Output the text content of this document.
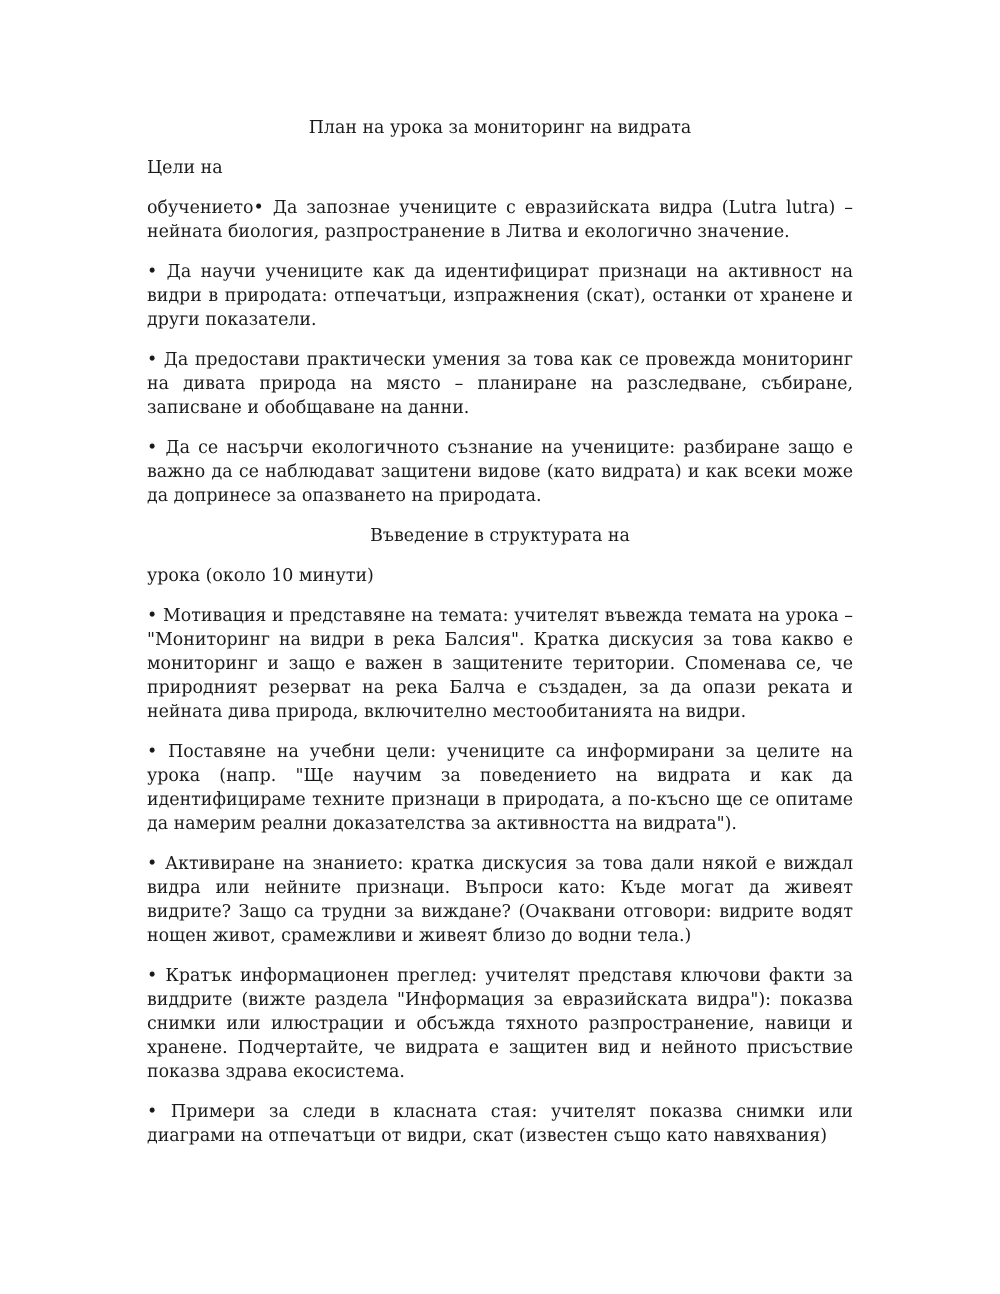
План на урока за мониторинг на видрата
Цели на
обучението• Да запознае учениците с евразийската видра (Lutra lutra) – нейната биология, разпространение в Литва и екологично значение.
• Да научи учениците как да идентифицират признаци на активност на видри в природата: отпечатъци, изпражнения (скат), останки от хранене и други показатели.
• Да предостави практически умения за това как се провежда мониторинг на дивата природа на място – планиране на разследване, събиране, записване и обобщаване на данни.
• Да се насърчи екологичното съзнание на учениците: разбиране защо е важно да се наблюдават защитени видове (като видрата) и как всеки може да допринесе за опазването на природата.
Въведение в структурата на
урока (около 10 минути)
• Мотивация и представяне на темата: учителят въвежда темата на урока – "Мониторинг на видри в река Балсия". Кратка дискусия за това какво е мониторинг и защо е важен в защитените територии. Споменава се, че природният резерват на река Балча е създаден, за да опази реката и нейната дива природа, включително местообитанията на видри.
• Поставяне на учебни цели: учениците са информирани за целите на урока (напр. "Ще научим за поведението на видрата и как да идентифицираме техните признаци в природата, а по-късно ще се опитаме да намерим реални доказателства за активността на видрата").
• Активиране на знанието: кратка дискусия за това дали някой е виждал видра или нейните признаци. Въпроси като: Къде могат да живеят видрите? Защо са трудни за виждане? (Очаквани отговори: видрите водят нощен живот, срамежливи и живеят близо до водни тела.)
• Кратък информационен преглед: учителят представя ключови факти за виддрите (вижте раздела "Информация за евразийската видра"): показва снимки или илюстрации и обсъжда тяхното разпространение, навици и хранене. Подчертайте, че видрата е защитен вид и нейното присъствие показва здрава екосистема.
• Примери за следи в класната стая: учителят показва снимки или диаграми на отпечатъци от видри, скат (известен също като навяхвания)
